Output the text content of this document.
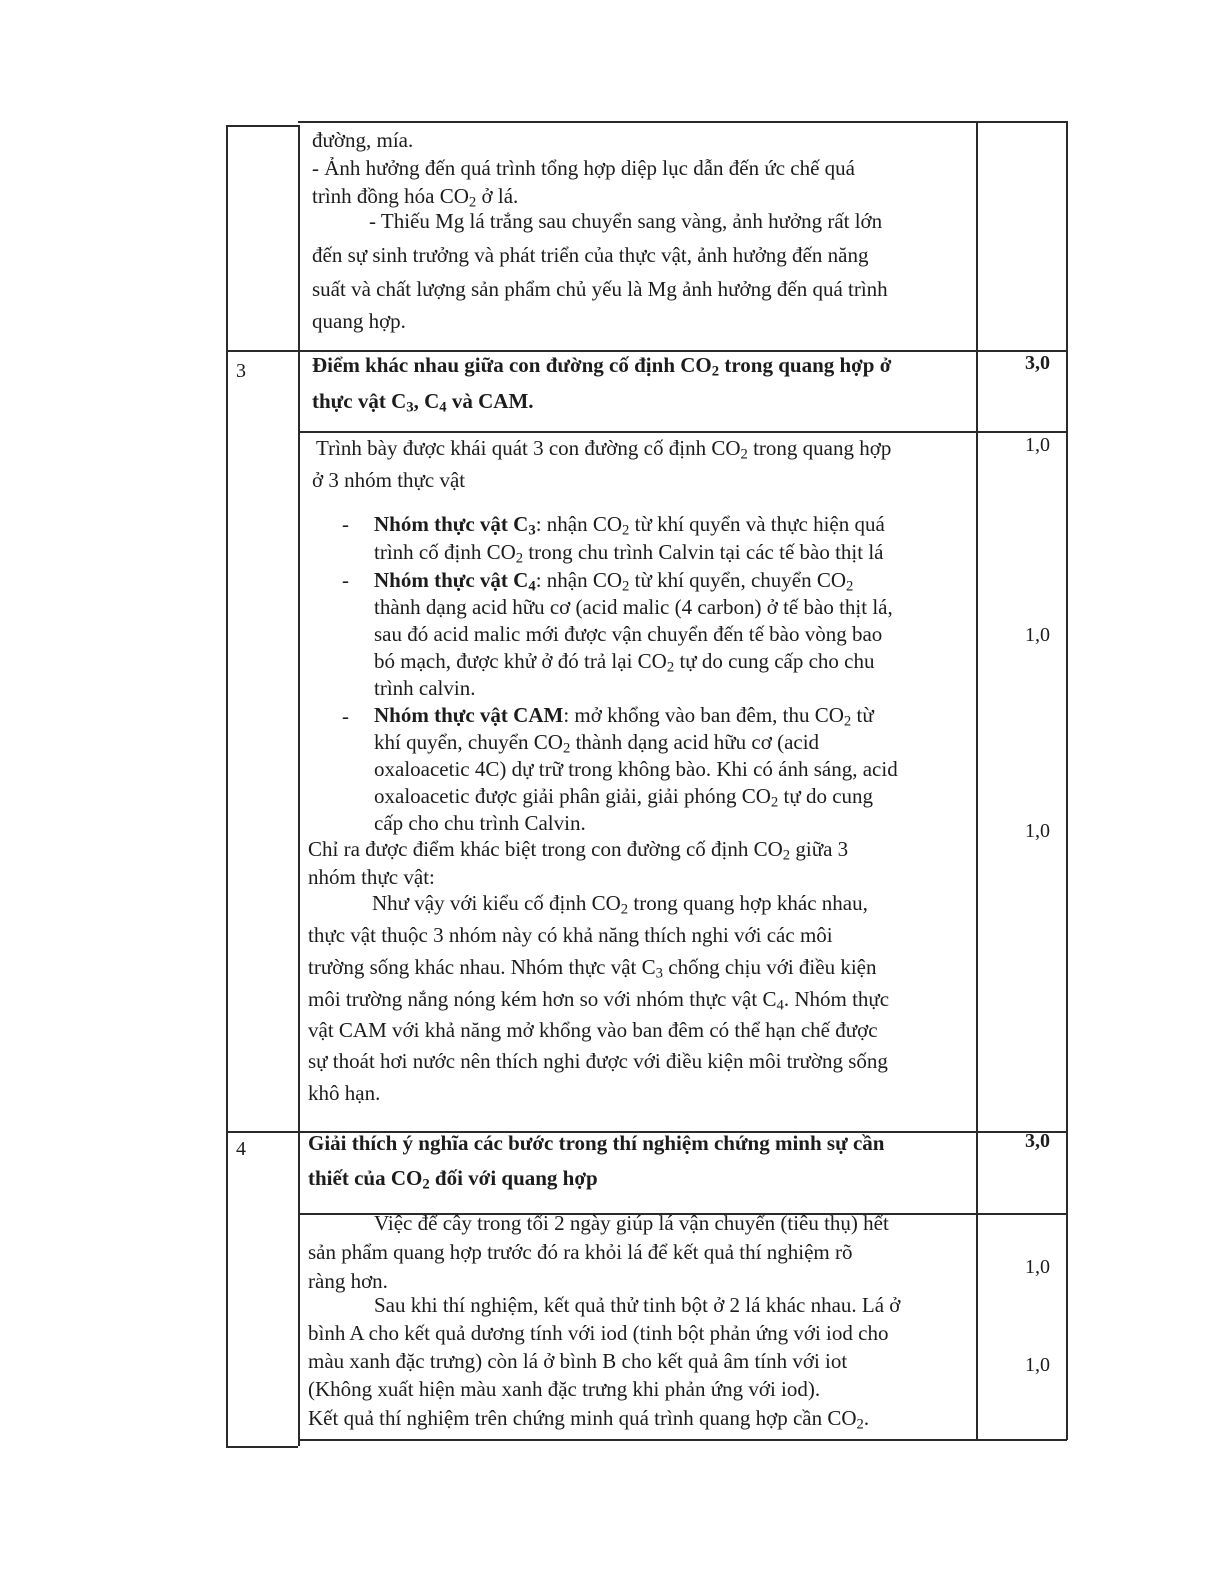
đường, mía.
- Ảnh hưởng đến quá trình tổng hợp diệp lục dẫn đến ức chế quá
trình đồng hóa $CO_2$ ở lá.
- Thiếu Mg lá trắng sau chuyển sang vàng, ảnh hưởng rất lớn
đến sự sinh trưởng và phát triển của thực vật, ảnh hưởng đến năng
suất và chất lượng sản phẩm chủ yếu là Mg ảnh hưởng đến quá trình
quang hợp.
3	Điểm khác nhau giữa con đường cố định $CO_2$ trong quang hợp ở
thực vật $C_3$, $C_4$ và CAM.
3,0
Trình bày được khái quát 3 con đường cố định $CO_2$ trong quang hợp
ở 3 nhóm thực vật
1,0
- Nhóm thực vật $C_3$: nhận $CO_2$ từ khí quyển và thực hiện quá
trình cố định $CO_2$ trong chu trình Calvin tại các tế bào thịt lá
- Nhóm thực vật $C_4$: nhận $CO_2$ từ khí quyển, chuyển $CO_2$
thành dạng acid hữu cơ (acid malic (4 carbon) ở tế bào thịt lá,
sau đó acid malic mới được vận chuyển đến tế bào vòng bao
bó mạch, được khử ở đó trả lại $CO_2$ tự do cung cấp cho chu
trình calvin.
1,0
- Nhóm thực vật CAM: mở khổng vào ban đêm, thu $CO_2$ từ
khí quyển, chuyển $CO_2$ thành dạng acid hữu cơ (acid
oxaloacetic 4C) dự trữ trong không bào. Khi có ánh sáng, acid
oxaloacetic được giải phân giải, giải phóng $CO_2$ tự do cung
cấp cho chu trình Calvin.
Chỉ ra được điểm khác biệt trong con đường cố định $CO_2$ giữa 3
nhóm thực vật:
1,0
Như vậy với kiểu cố định $CO_2$ trong quang hợp khác nhau,
thực vật thuộc 3 nhóm này có khả năng thích nghi với các môi
trường sống khác nhau. Nhóm thực vật $C_3$ chống chịu với điều kiện
môi trường nắng nóng kém hơn so với nhóm thực vật $C_4$. Nhóm thực
vật CAM với khả năng mở khổng vào ban đêm có thể hạn chế được
sự thoát hơi nước nên thích nghi được với điều kiện môi trường sống
khô hạn.
4	Giải thích ý nghĩa các bước trong thí nghiệm chứng minh sự cần
thiết của $CO_2$ đối với quang hợp
3,0
Việc để cây trong tối 2 ngày giúp lá vận chuyển (tiêu thụ) hết
sản phẩm quang hợp trước đó ra khỏi lá để kết quả thí nghiệm rõ
ràng hơn.
1,0
Sau khi thí nghiệm, kết quả thử tinh bột ở 2 lá khác nhau. Lá ở
bình A cho kết quả dương tính với iod (tinh bột phản ứng với iod cho
màu xanh đặc trưng) còn lá ở bình B cho kết quả âm tính với iot
(Không xuất hiện màu xanh đặc trưng khi phản ứng với iod).
Kết quả thí nghiệm trên chứng minh quá trình quang hợp cần $CO_2$.
1,0
